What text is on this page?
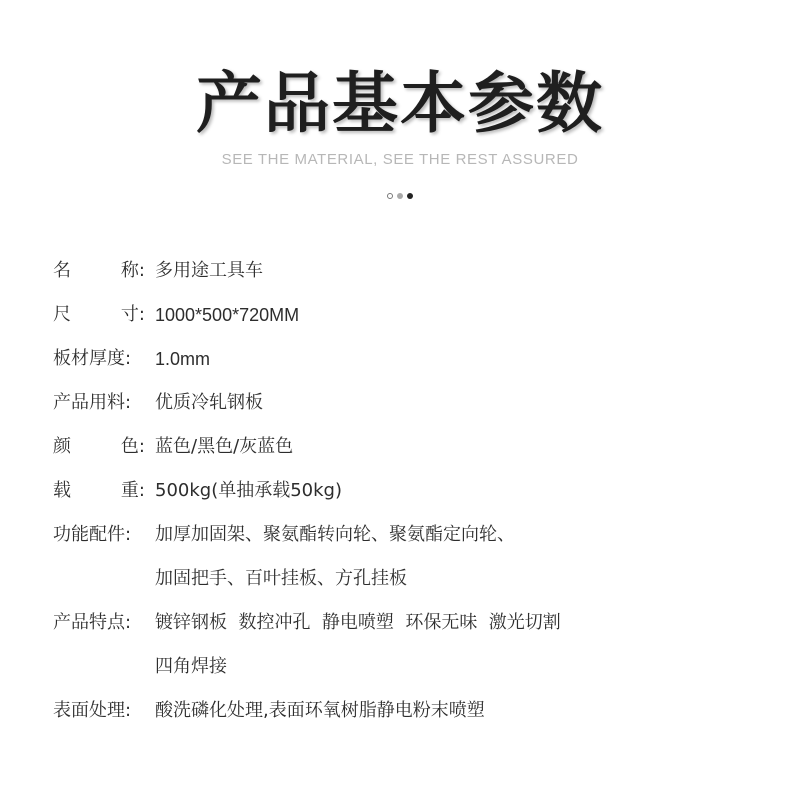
产品基本参数
SEE THE MATERIAL, SEE THE REST ASSURED
名	称: 多用途工具车
尺	寸: 1000*500*720MM
板材厚度:	1.0mm
产品用料:	优质冷轧钢板
颜	色: 蓝色/黑色/灰蓝色
载	重: 500kg(单抽承载50kg)
功能配件:	加厚加固架、聚氨酯转向轮、聚氨酯定向轮、
加固把手、百叶挂板、方孔挂板
产品特点:	镀锌钢板  数控冲孔  静电喷塑  环保无味  激光切割
四角焊接
表面处理:	酸洗磷化处理,表面环氧树脂静电粉末喷塑
